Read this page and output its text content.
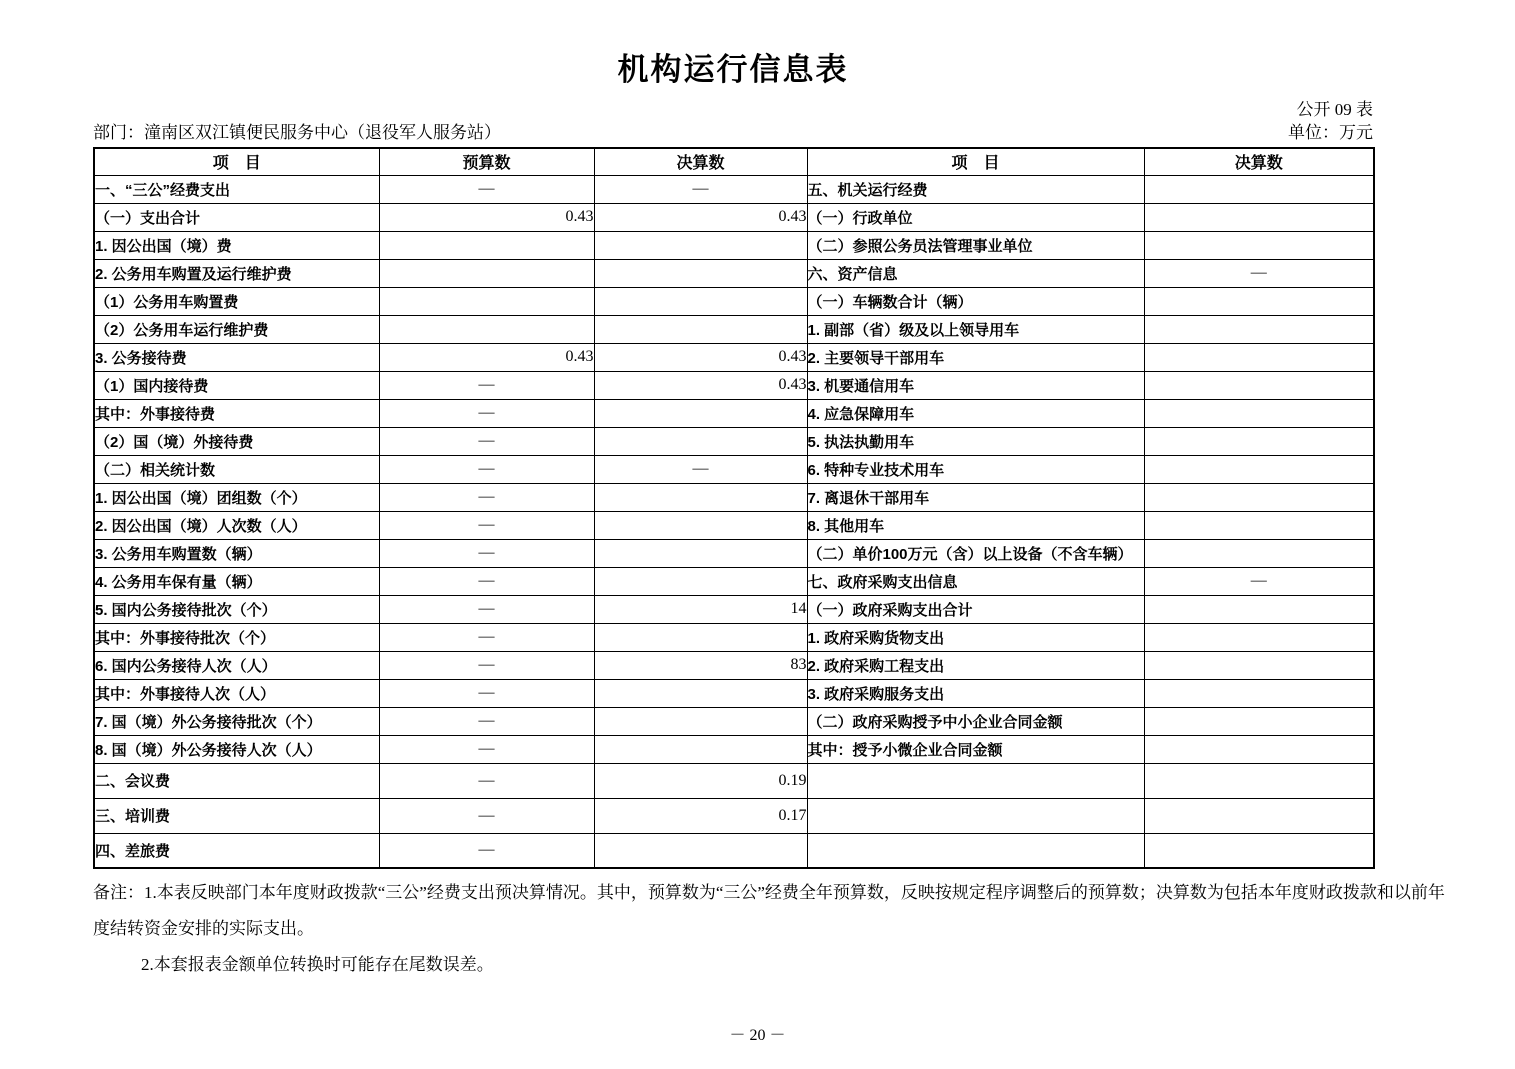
机构运行信息表
公开 09 表
部门：潼南区双江镇便民服务中心（退役军人服务站）	单位：万元
项　目	预算数	决算数	项　目	决算数
一、“三公”经费支出	—	—	五、机关运行经费	
（一）支出合计	0.43	0.43	（一）行政单位	
1. 因公出国（境）费			（二）参照公务员法管理事业单位	
2. 公务用车购置及运行维护费			六、资产信息	—
（1）公务用车购置费			（一）车辆数合计（辆）	
（2）公务用车运行维护费			1. 副部（省）级及以上领导用车	
3. 公务接待费	0.43	0.43	2. 主要领导干部用车	
（1）国内接待费	—	0.43	3. 机要通信用车	
其中：外事接待费	—		4. 应急保障用车	
（2）国（境）外接待费	—		5. 执法执勤用车	
（二）相关统计数	—	—	6. 特种专业技术用车	
1. 因公出国（境）团组数（个）	—		7. 离退休干部用车	
2. 因公出国（境）人次数（人）	—		8. 其他用车	
3. 公务用车购置数（辆）	—		（二）单价100万元（含）以上设备（不含车辆）	
4. 公务用车保有量（辆）	—		七、政府采购支出信息	—
5. 国内公务接待批次（个）	—	14	（一）政府采购支出合计	
其中：外事接待批次（个）	—		1. 政府采购货物支出	
6. 国内公务接待人次（人）	—	83	2. 政府采购工程支出	
其中：外事接待人次（人）	—		3. 政府采购服务支出	
7. 国（境）外公务接待批次（个）	—		（二）政府采购授予中小企业合同金额	
8. 国（境）外公务接待人次（人）	—		其中：授予小微企业合同金额	
二、会议费	—	0.19		
三、培训费	—	0.17		
四、差旅费	—			

备注：1.本表反映部门本年度财政拨款“三公”经费支出预决算情况。其中，预算数为“三公”经费全年预算数，反映按规定程序调整后的预算数；决算数为包括本年度财政拨款和以前年度结转资金安排的实际支出。

2.本套报表金额单位转换时可能存在尾数误差。

－ 20 －
